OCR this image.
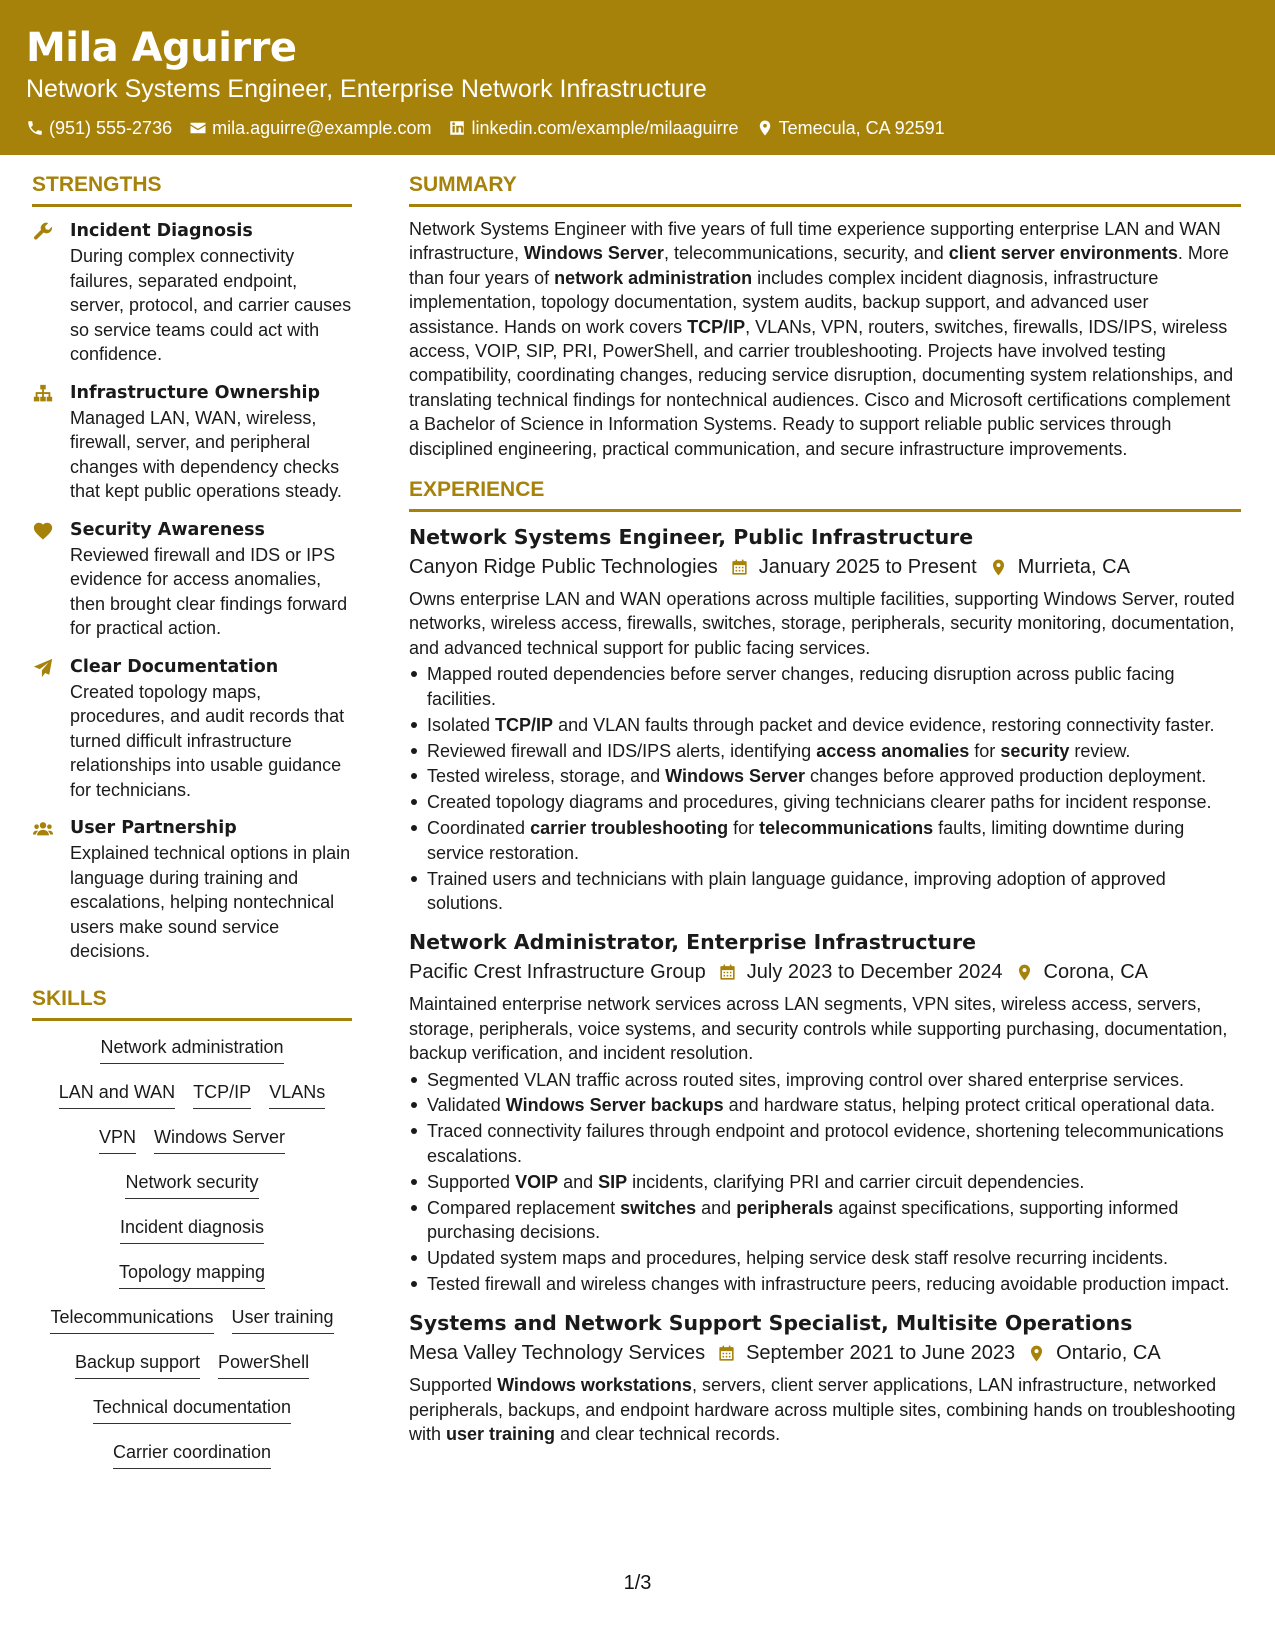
Mila Aguirre
Network Systems Engineer, Enterprise Network Infrastructure
(951) 555-2736 mila.aguirre@example.com linkedin.com/example/milaaguirre Temecula, CA 92591
STRENGTHS
Incident Diagnosis
During complex connectivity failures, separated endpoint, server, protocol, and carrier causes so service teams could act with confidence.
Infrastructure Ownership
Managed LAN, WAN, wireless, firewall, server, and peripheral changes with dependency checks that kept public operations steady.
Security Awareness
Reviewed firewall and IDS or IPS evidence for access anomalies, then brought clear findings forward for practical action.
Clear Documentation
Created topology maps, procedures, and audit records that turned difficult infrastructure relationships into usable guidance for technicians.
User Partnership
Explained technical options in plain language during training and escalations, helping nontechnical users make sound service decisions.
SKILLS
Network administration
LAN and WAN TCP/IP VLANs
VPN Windows Server
Network security
Incident diagnosis
Topology mapping
Telecommunications User training
Backup support PowerShell
Technical documentation
Carrier coordination
SUMMARY
Network Systems Engineer with five years of full time experience supporting enterprise LAN and WAN infrastructure, Windows Server, telecommunications, security, and client server environments. More than four years of network administration includes complex incident diagnosis, infrastructure implementation, topology documentation, system audits, backup support, and advanced user assistance. Hands on work covers TCP/IP, VLANs, VPN, routers, switches, firewalls, IDS/IPS, wireless access, VOIP, SIP, PRI, PowerShell, and carrier troubleshooting. Projects have involved testing compatibility, coordinating changes, reducing service disruption, documenting system relationships, and translating technical findings for nontechnical audiences. Cisco and Microsoft certifications complement a Bachelor of Science in Information Systems. Ready to support reliable public services through disciplined engineering, practical communication, and secure infrastructure improvements.
EXPERIENCE
Network Systems Engineer, Public Infrastructure
Canyon Ridge Public Technologies January 2025 to Present Murrieta, CA
Owns enterprise LAN and WAN operations across multiple facilities, supporting Windows Server, routed networks, wireless access, firewalls, switches, storage, peripherals, security monitoring, documentation, and advanced technical support for public facing services.
Mapped routed dependencies before server changes, reducing disruption across public facing facilities.
Isolated TCP/IP and VLAN faults through packet and device evidence, restoring connectivity faster.
Reviewed firewall and IDS/IPS alerts, identifying access anomalies for security review.
Tested wireless, storage, and Windows Server changes before approved production deployment.
Created topology diagrams and procedures, giving technicians clearer paths for incident response.
Coordinated carrier troubleshooting for telecommunications faults, limiting downtime during service restoration.
Trained users and technicians with plain language guidance, improving adoption of approved solutions.
Network Administrator, Enterprise Infrastructure
Pacific Crest Infrastructure Group July 2023 to December 2024 Corona, CA
Maintained enterprise network services across LAN segments, VPN sites, wireless access, servers, storage, peripherals, voice systems, and security controls while supporting purchasing, documentation, backup verification, and incident resolution.
Segmented VLAN traffic across routed sites, improving control over shared enterprise services.
Validated Windows Server backups and hardware status, helping protect critical operational data.
Traced connectivity failures through endpoint and protocol evidence, shortening telecommunications escalations.
Supported VOIP and SIP incidents, clarifying PRI and carrier circuit dependencies.
Compared replacement switches and peripherals against specifications, supporting informed purchasing decisions.
Updated system maps and procedures, helping service desk staff resolve recurring incidents.
Tested firewall and wireless changes with infrastructure peers, reducing avoidable production impact.
Systems and Network Support Specialist, Multisite Operations
Mesa Valley Technology Services September 2021 to June 2023 Ontario, CA
Supported Windows workstations, servers, client server applications, LAN infrastructure, networked peripherals, backups, and endpoint hardware across multiple sites, combining hands on troubleshooting with user training and clear technical records.
1/3
